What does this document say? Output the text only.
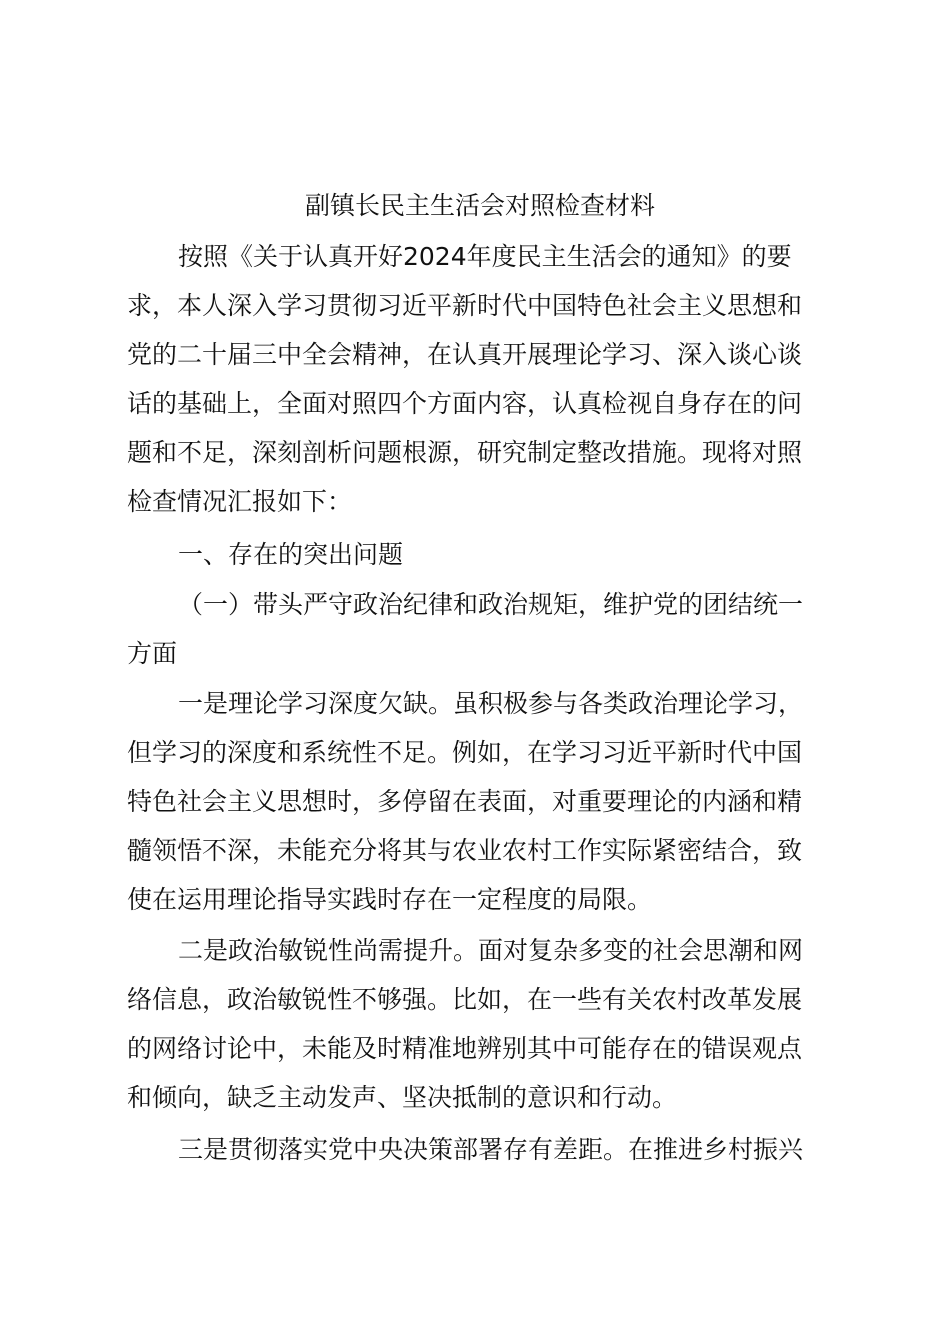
副镇长民主生活会对照检查材料

按照《关于认真开好2024年度民主生活会的通知》的要

求，本人深入学习贯彻习近平新时代中国特色社会主义思想和

党的二十届三中全会精神，在认真开展理论学习、深入谈心谈

话的基础上，全面对照四个方面内容，认真检视自身存在的问

题和不足，深刻剖析问题根源，研究制定整改措施。现将对照

检查情况汇报如下：

一、存在的突出问题

（一）带头严守政治纪律和政治规矩，维护党的团结统一

方面

一是理论学习深度欠缺。虽积极参与各类政治理论学习，

但学习的深度和系统性不足。例如，在学习习近平新时代中国

特色社会主义思想时，多停留在表面，对重要理论的内涵和精

髓领悟不深，未能充分将其与农业农村工作实际紧密结合，致

使在运用理论指导实践时存在一定程度的局限。

二是政治敏锐性尚需提升。面对复杂多变的社会思潮和网

络信息，政治敏锐性不够强。比如，在一些有关农村改革发展

的网络讨论中，未能及时精准地辨别其中可能存在的错误观点

和倾向，缺乏主动发声、坚决抵制的意识和行动。

三是贯彻落实党中央决策部署存有差距。在推进乡村振兴
